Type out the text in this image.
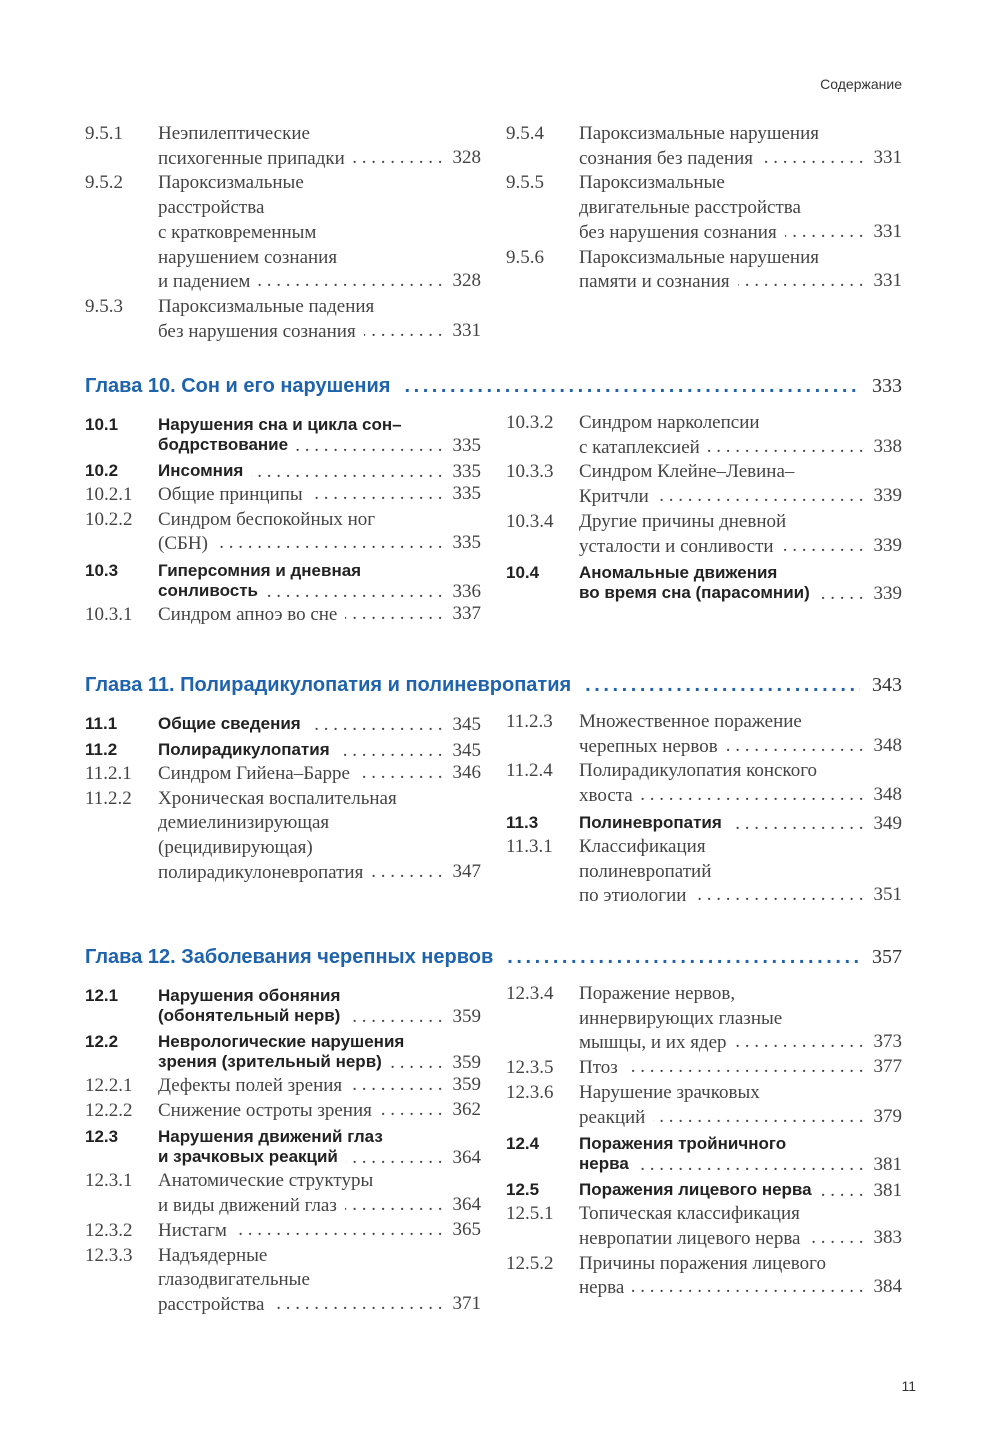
Содержание
9.5.1	Неэпилептические
психогенные припадки . . .	328
9.5.2	Пароксизмальные
расстройства
с кратковременным
нарушением сознания
и падением . . .	328
9.5.3	Пароксизмальные падения
без нарушения сознания . . .	331
9.5.4	Пароксизмальные нарушения
сознания без падения . . .	331
9.5.5	Пароксизмальные
двигательные расстройства
без нарушения сознания . . .	331
9.5.6	Пароксизмальные нарушения
памяти и сознания . . .	331
Глава 10. Сон и его нарушения . . .	333
10.1	Нарушения сна и цикла сон–
бодрствование . . .	335
10.2	Инсомния . . .	335
10.2.1	Общие принципы . . .	335
10.2.2	Синдром беспокойных ног
(СБН) . . .	335
10.3	Гиперсомния и дневная
сонливость . . .	336
10.3.1	Синдром апноэ во сне . . .	337
10.3.2	Синдром нарколепсии
с катаплексией . . .	338
10.3.3	Синдром Клейне–Левина–
Критчли . . .	339
10.3.4	Другие причины дневной
усталости и сонливости . . .	339
10.4	Аномальные движения
во время сна (парасомнии) . . .	339
Глава 11. Полирадикулопатия и полиневропатия . . .	343
11.1	Общие сведения . . .	345
11.2	Полирадикулопатия . . .	345
11.2.1	Синдром Гийена–Барре . . .	346
11.2.2	Хроническая воспалительная
демиелинизирующая
(рецидивирующая)
полирадикулоневропатия . . .	347
11.2.3	Множественное поражение
черепных нервов . . .	348
11.2.4	Полирадикулопатия конского
хвоста . . .	348
11.3	Полиневропатия . . .	349
11.3.1	Классификация
полиневропатий
по этиологии . . .	351
Глава 12. Заболевания черепных нервов . . .	357
12.1	Нарушения обоняния
(обонятельный нерв) . . .	359
12.2	Неврологические нарушения
зрения (зрительный нерв) . . .	359
12.2.1	Дефекты полей зрения . . .	359
12.2.2	Снижение остроты зрения . . .	362
12.3	Нарушения движений глаз
и зрачковых реакций . . .	364
12.3.1	Анатомические структуры
и виды движений глаз . . .	364
12.3.2	Нистагм . . .	365
12.3.3	Надъядерные
глазодвигательные
расстройства . . .	371
12.3.4	Поражение нервов,
иннервирующих глазные
мышцы, и их ядер . . .	373
12.3.5	Птоз . . .	377
12.3.6	Нарушение зрачковых
реакций . . .	379
12.4	Поражения тройничного
нерва . . .	381
12.5	Поражения лицевого нерва . . .	381
12.5.1	Топическая классификация
невропатии лицевого нерва . . .	383
12.5.2	Причины поражения лицевого
нерва . . .	384
11
